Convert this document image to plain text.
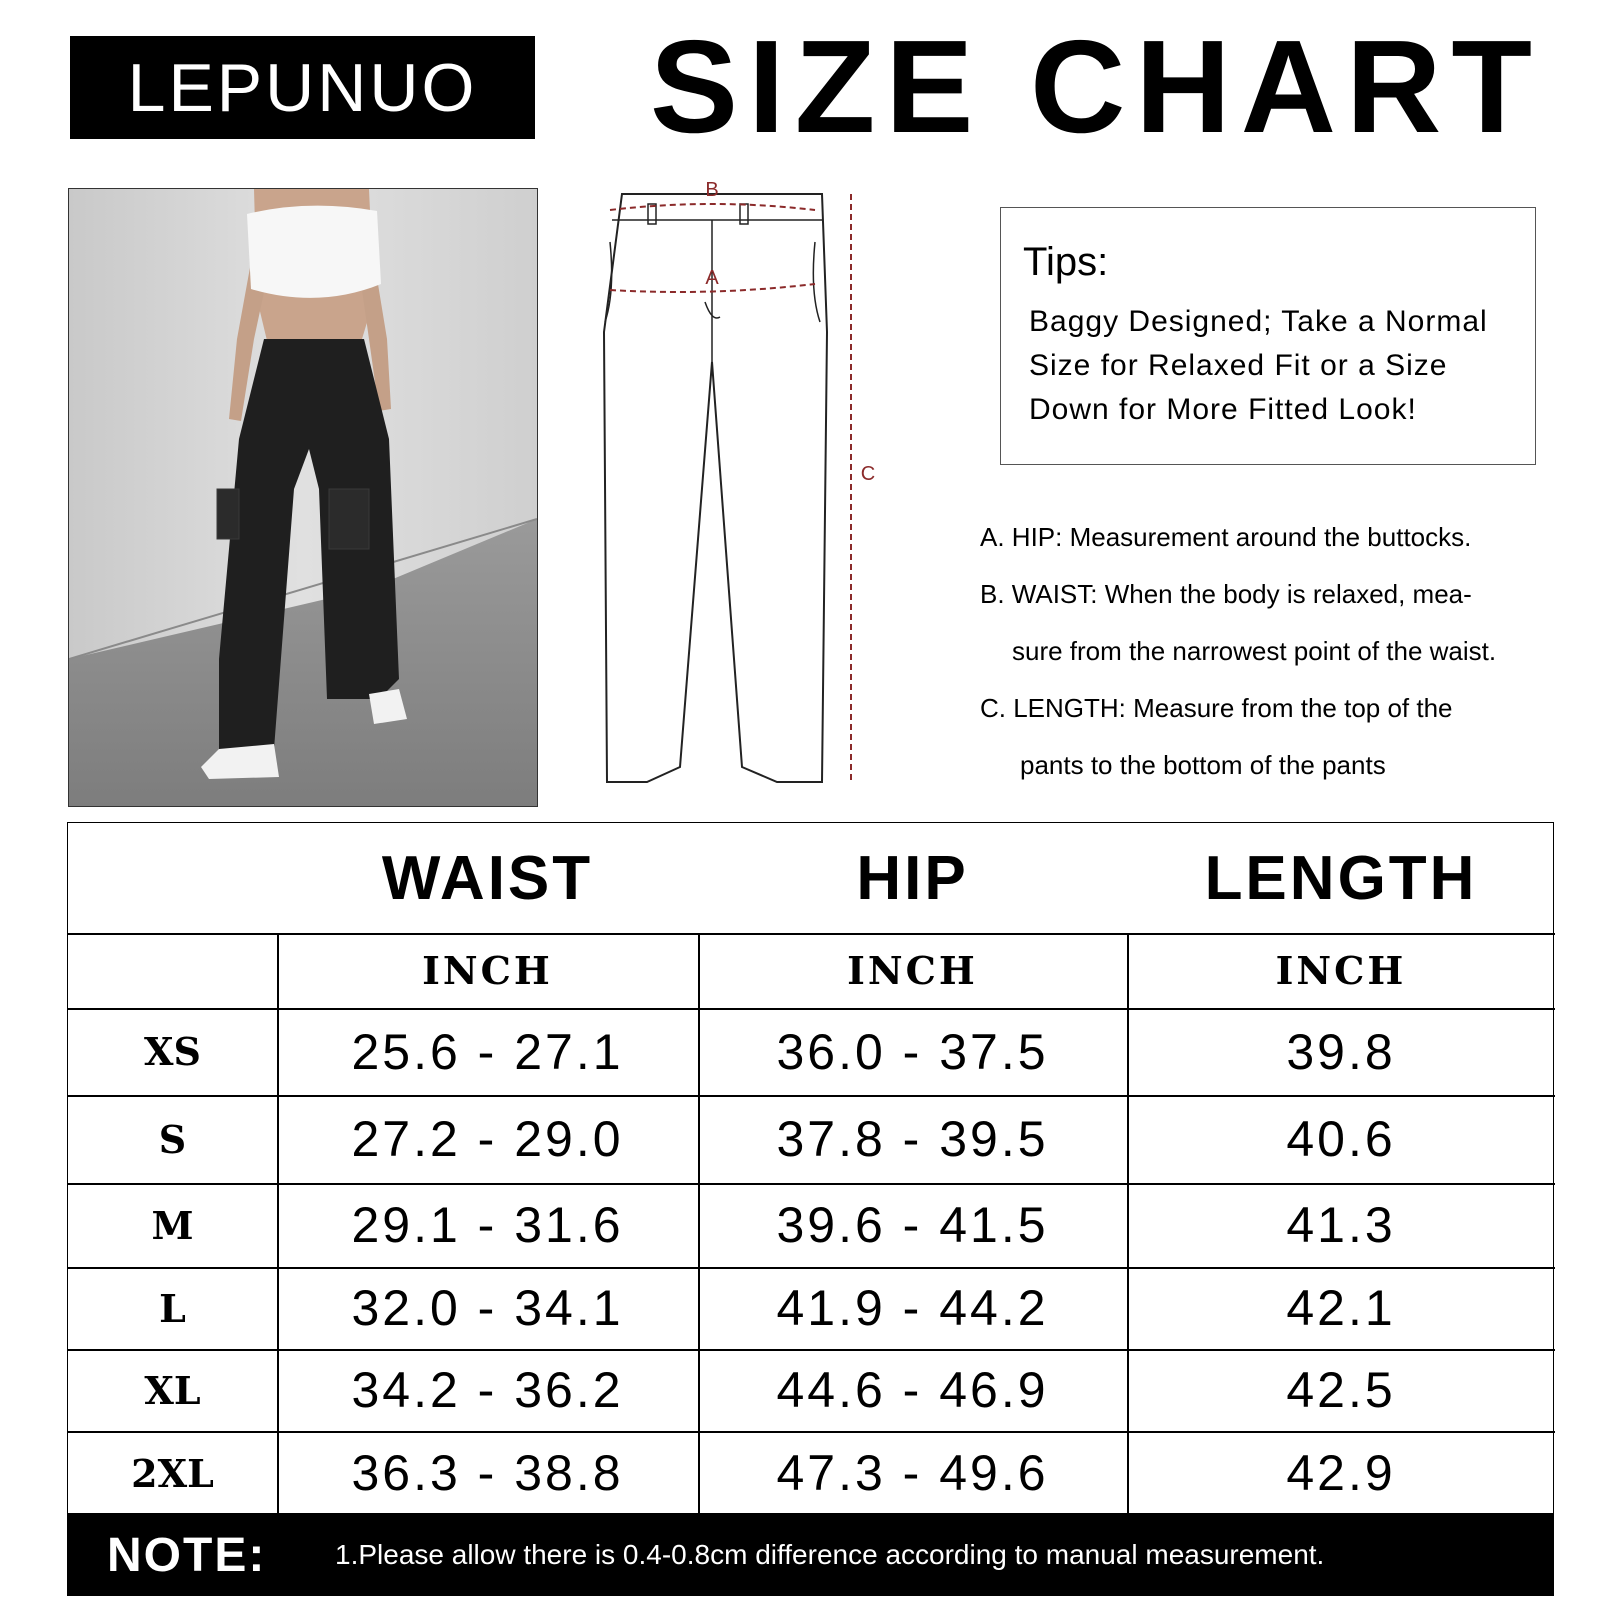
LEPUNUO SIZE CHART
B
A
C
Tips:
Baggy Designed; Take a Normal
Size for Relaxed Fit or a Size
Down for More Fitted Look!
A. HIP: Measurement around the buttocks.
B. WAIST: When the body is relaxed, mea-
sure from the narrowest point of the waist.
C. LENGTH: Measure from the top of the
pants to the bottom of the pants
WAIST	HIP	LENGTH
INCH	INCH	INCH
XS	25.6 - 27.1	36.0 - 37.5	39.8
S	27.2 - 29.0	37.8 - 39.5	40.6
M	29.1 - 31.6	39.6 - 41.5	41.3
L	32.0 - 34.1	41.9 - 44.2	42.1
XL	34.2 - 36.2	44.6 - 46.9	42.5
2XL	36.3 - 38.8	47.3 - 49.6	42.9
NOTE: 1.Please allow there is 0.4-0.8cm difference according to manual measurement.
